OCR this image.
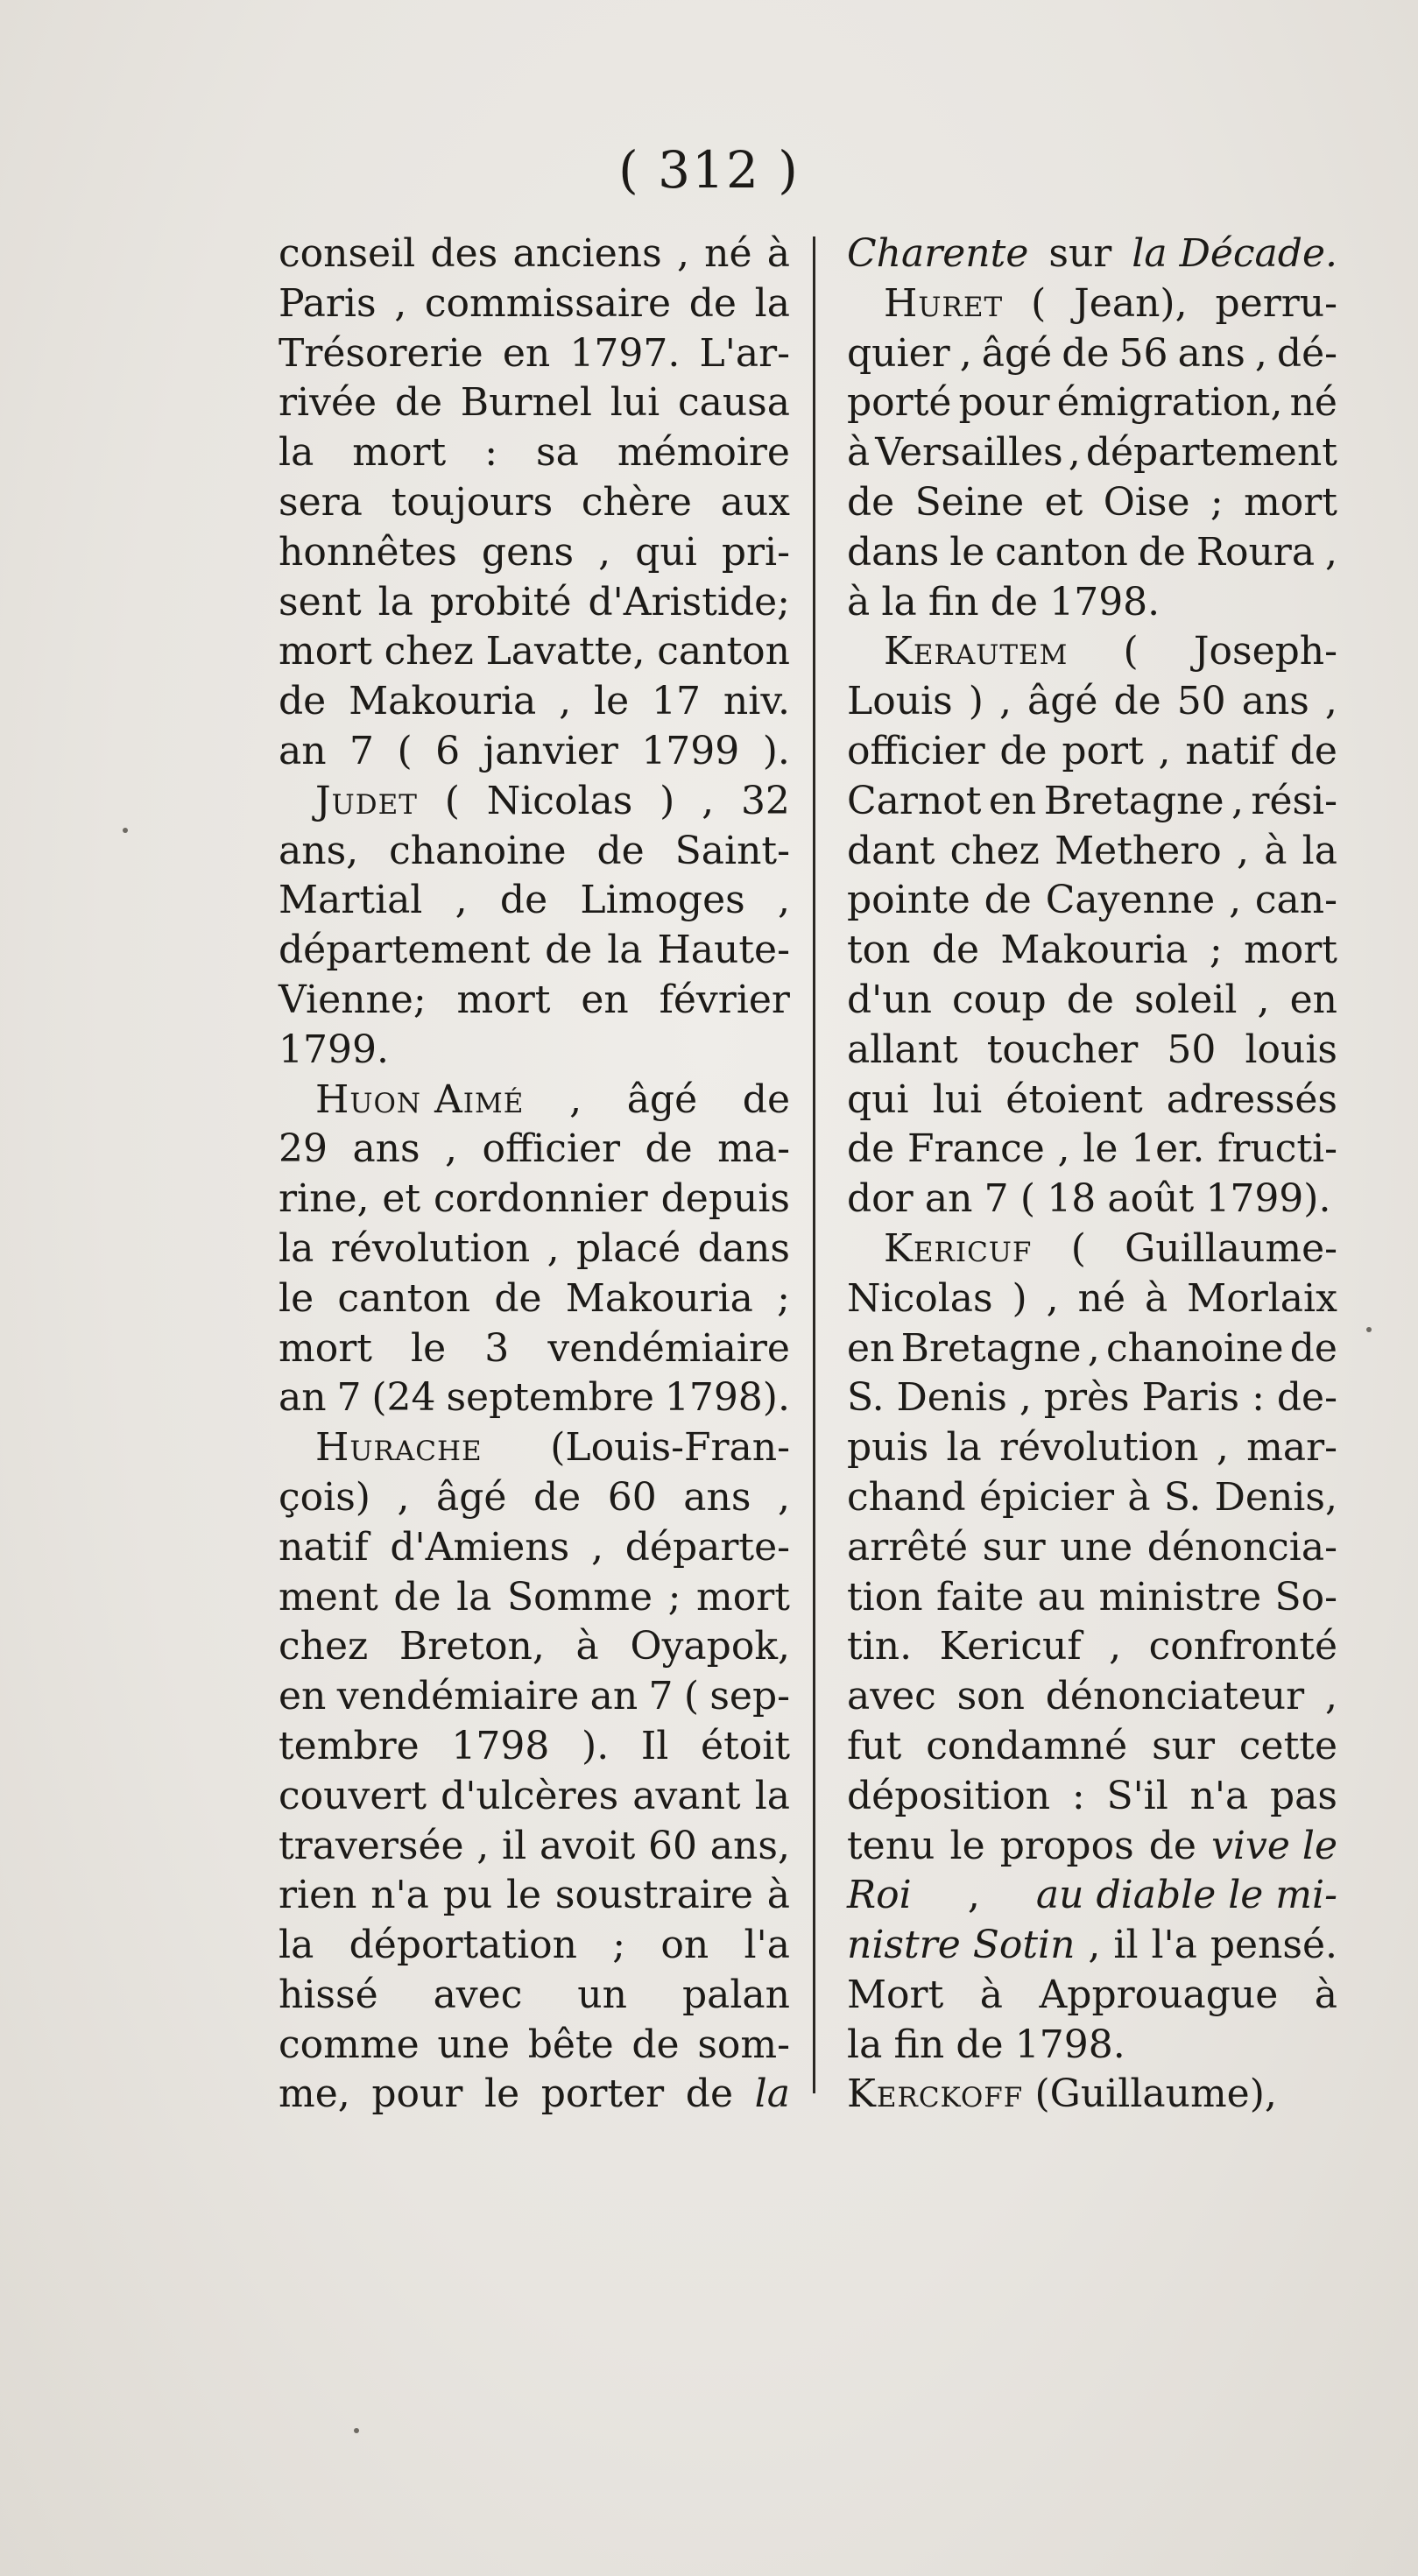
( 312 )
conseil des anciens , né à
Paris , commissaire de la
Trésorerie en 1797. L'ar-
rivée de Burnel lui causa
la mort : sa mémoire
sera toujours chère aux
honnêtes gens , qui pri-
sent la probité d'Aristide;
mort chez Lavatte, canton
de Makouria , le 17 niv.
an 7 ( 6 janvier 1799 ).
Judet ( Nicolas ) , 32
ans, chanoine de Saint-
Martial , de Limoges ,
département de la Haute-
Vienne; mort en février
1799.
Huon Aimé , âgé de
29 ans , officier de ma-
rine, et cordonnier depuis
la révolution , placé dans
le canton de Makouria ;
mort le 3 vendémiaire
an 7 (24 septembre 1798).
Hurache (Louis-Fran-
çois) , âgé de 60 ans ,
natif d'Amiens , départe-
ment de la Somme ; mort
chez Breton, à Oyapok,
en vendémiaire an 7 ( sep-
tembre 1798 ). Il étoit
couvert d'ulcères avant la
traversée , il avoit 60 ans,
rien n'a pu le soustraire à
la déportation ; on l'a
hissé avec un palan
comme une bête de som-
me, pour le porter de la
Charente sur la Décade.
Huret ( Jean), perru-
quier , âgé de 56 ans , dé-
porté pour émigration, né
à Versailles , département
de Seine et Oise ; mort
dans le canton de Roura ,
à la fin de 1798.
Kerautem ( Joseph-
Louis ) , âgé de 50 ans ,
officier de port , natif de
Carnot en Bretagne , rési-
dant chez Methero , à la
pointe de Cayenne , can-
ton de Makouria ; mort
d'un coup de soleil , en
allant toucher 50 louis
qui lui étoient adressés
de France , le 1er. fructi-
dor an 7 ( 18 août 1799).
Kericuf ( Guillaume-
Nicolas ) , né à Morlaix
en Bretagne , chanoine de
S. Denis , près Paris : de-
puis la révolution , mar-
chand épicier à S. Denis,
arrêté sur une dénoncia-
tion faite au ministre So-
tin. Kericuf , confronté
avec son dénonciateur ,
fut condamné sur cette
déposition : S'il n'a pas
tenu le propos de vive le
Roi , au diable le mi-
nistre Sotin , il l'a pensé.
Mort à Approuague à
la fin de 1798.
Kerckoff (Guillaume),
